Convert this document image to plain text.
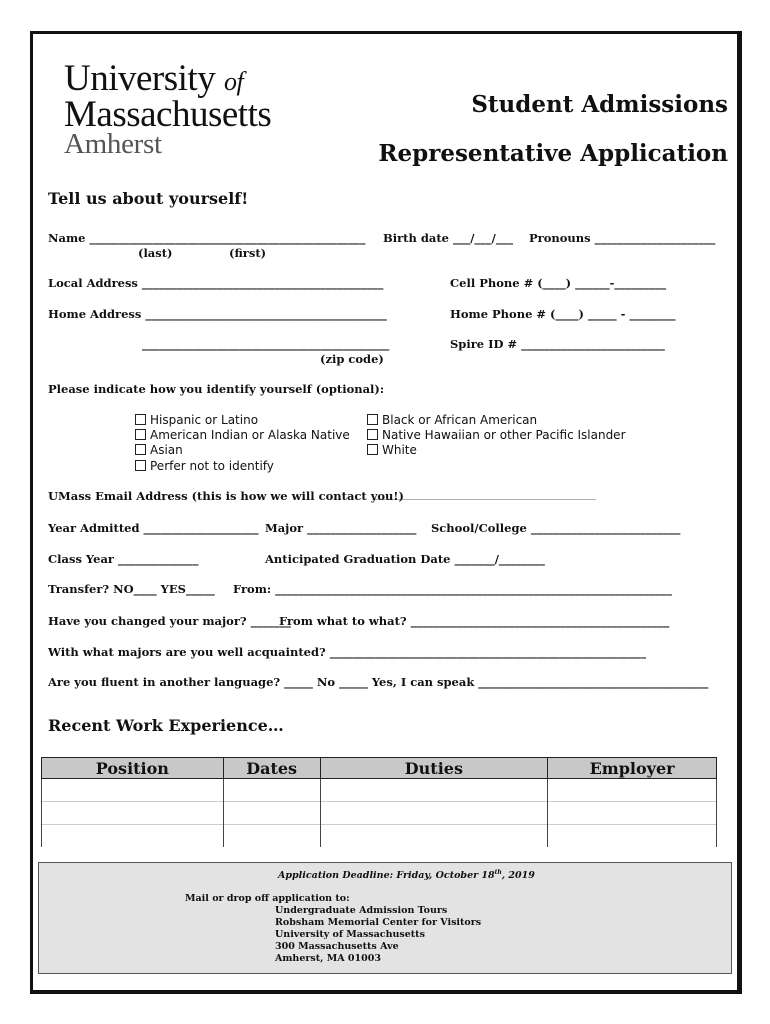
University of
Massachusetts
Amherst
Student Admissions
Representative Application
Tell us about yourself!
Name ________________________________________________
(last)	(first)
Birth date ___/___/___ Pronouns _____________________
Local Address __________________________________________	Cell Phone # (____) ______-_________
Home Address __________________________________________	Home Phone # (____) _____ - ________
___________________________________________
(zip code)
Spire ID # _________________________
Please indicate how you identify yourself (optional):
Hispanic or Latino
American Indian or Alaska Native
Asian
Perfer not to identify
Black or African American
Native Hawaiian or other Pacific Islander
White
UMass Email Address (this is how we will contact you!)
________________________________________________________
Year Admitted ____________________ Major ___________________ School/College __________________________
Class Year ______________	Anticipated Graduation Date _______/________
Transfer? NO____ YES_____ From: _____________________________________________________________________
Have you changed your major? _______
From what to what? _____________________________________________
With what majors are you well acquainted? _______________________________________________________
Are you fluent in another language? _____ No _____ Yes, I can speak ________________________________________
Recent Work Experience…
Position	Dates	Duties	Employer

Application Deadline: Friday, October 18th, 2019
Mail or drop off application to:
Undergraduate Admission Tours
Robsham Memorial Center for Visitors
University of Massachusetts
300 Massachusetts Ave
Amherst, MA 01003
